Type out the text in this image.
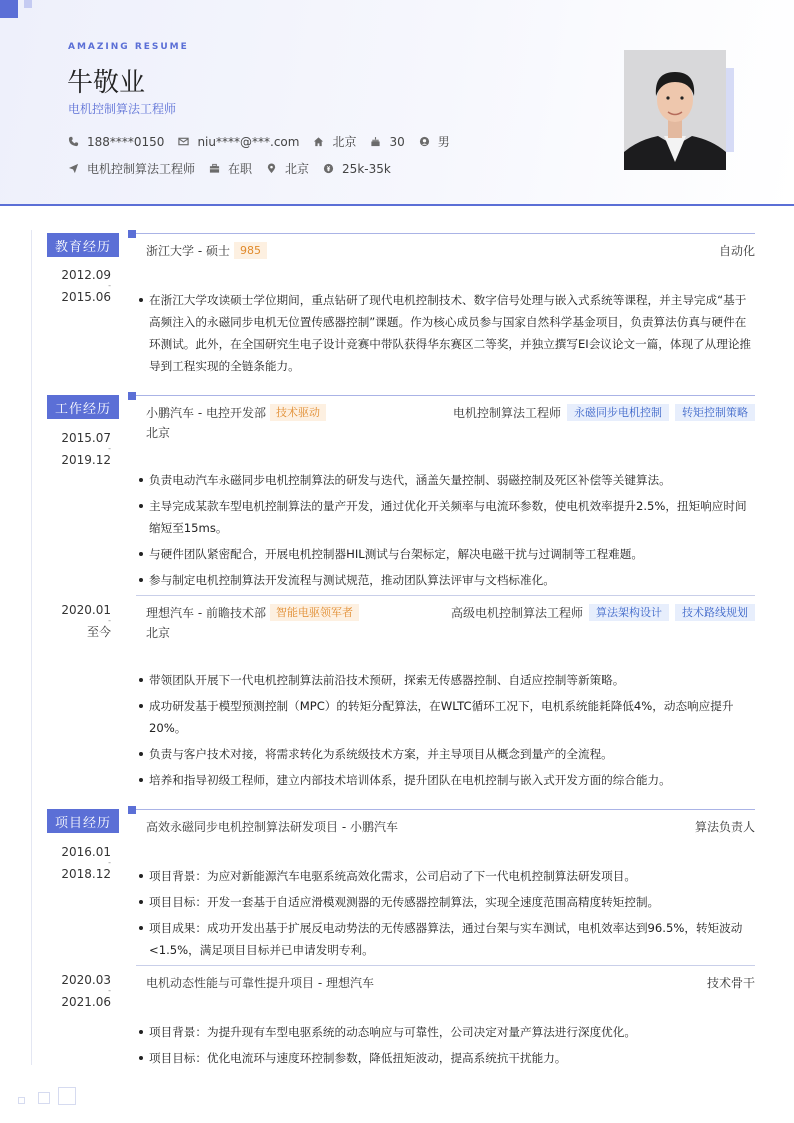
AMAZING RESUME
牛敬业
电机控制算法工程师
188****0150	niu****@***.com	北京	30	男
电机控制算法工程师	在职	北京	25k-35k
教育经历
2012.09
-
2015.06
浙江大学 - 硕士 985	自动化
在浙江大学攻读硕士学位期间，重点钻研了现代电机控制技术、数字信号处理与嵌入式系统等课程，并主导完成“基于高频注入的永磁同步电机无位置传感器控制”课题。作为核心成员参与国家自然科学基金项目，负责算法仿真与硬件在环测试。此外，在全国研究生电子设计竞赛中带队获得华东赛区二等奖，并独立撰写EI会议论文一篇，体现了从理论推导到工程实现的全链条能力。
工作经历
2015.07
-
2019.12
小鹏汽车 - 电控开发部 技术驱动	电机控制算法工程师	永磁同步电机控制	转矩控制策略
北京
负责电动汽车永磁同步电机控制算法的研发与迭代，涵盖矢量控制、弱磁控制及死区补偿等关键算法。
主导完成某款车型电机控制算法的量产开发，通过优化开关频率与电流环参数，使电机效率提升2.5%，扭矩响应时间缩短至15ms。
与硬件团队紧密配合，开展电机控制器HIL测试与台架标定，解决电磁干扰与过调制等工程难题。
参与制定电机控制算法开发流程与测试规范，推动团队算法评审与文档标准化。
2020.01
-
至今
理想汽车 - 前瞻技术部 智能电驱领军者	高级电机控制算法工程师	算法架构设计	技术路线规划
北京
带领团队开展下一代电机控制算法前沿技术预研，探索无传感器控制、自适应控制等新策略。
成功研发基于模型预测控制（MPC）的转矩分配算法，在WLTC循环工况下，电机系统能耗降低4%，动态响应提升20%。
负责与客户技术对接，将需求转化为系统级技术方案，并主导项目从概念到量产的全流程。
培养和指导初级工程师，建立内部技术培训体系，提升团队在电机控制与嵌入式开发方面的综合能力。
项目经历
2016.01
-
2018.12
高效永磁同步电机控制算法研发项目 - 小鹏汽车	算法负责人
项目背景：为应对新能源汽车电驱系统高效化需求，公司启动了下一代电机控制算法研发项目。
项目目标：开发一套基于自适应滑模观测器的无传感器控制算法，实现全速度范围高精度转矩控制。
项目成果：成功开发出基于扩展反电动势法的无传感器算法，通过台架与实车测试，电机效率达到96.5%，转矩波动<1.5%，满足项目目标并已申请发明专利。
2020.03
-
2021.06
电机动态性能与可靠性提升项目 - 理想汽车	技术骨干
项目背景：为提升现有车型电驱系统的动态响应与可靠性，公司决定对量产算法进行深度优化。
项目目标：优化电流环与速度环控制参数，降低扭矩波动，提高系统抗干扰能力。
